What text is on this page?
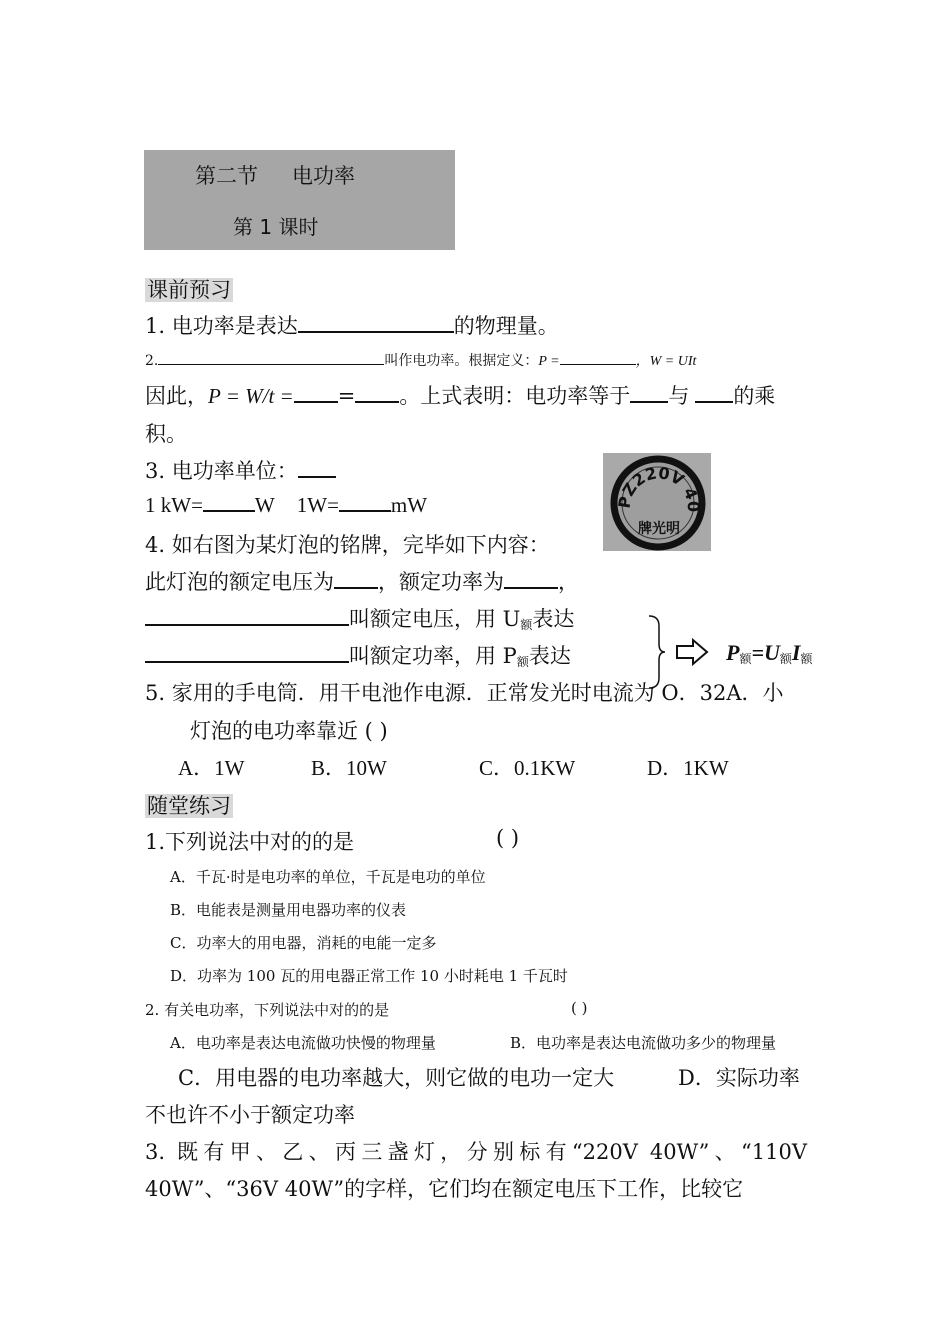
第二节 电功率
第 1 课时
课前预习
1. 电功率是表达	的物理量。
2.	叫作电功率。根据定义：P =	，W = UIt
因此，P = W/t = = 。上式表明：电功率等于 与 的乘
积。
3. 电功率单位：
1 kW= W 1W= mW	PZ220V 40
牌光明
4. 如右图为某灯泡的铭牌，完毕如下内容：
此灯泡的额定电压为 ，额定功率为	，
叫额定电压，用 $U_额$表达
叫额定功率，用 $P_额$表达	$P_额=U_额I_额$
5. 家用的手电筒．用干电池作电源．正常发光时电流为 O．32A．小
灯泡的电功率靠近 ( )
A．1W	B．10W	C．0.1KW	D．1KW
随堂练习
1.下列说法中对的的是	( )
A．千瓦·时是电功率的单位，千瓦是电功的单位
B．电能表是测量用电器功率的仪表
C．功率大的用电器，消耗的电能一定多
D．功率为 100 瓦的用电器正常工作 10 小时耗电 1 千瓦时
2. 有关电功率，下列说法中对的的是	( )
A．电功率是表达电流做功快慢的物理量	B．电功率是表达电流做功多少的物理量
C．用电器的电功率越大，则它做的电功一定大	D．实际功率
不也许不小于额定功率
3. 既有甲、乙、丙三盏灯，分别标有“220V 40W”、“110V
40W”、“36V 40W”的字样，它们均在额定电压下工作，比较它
